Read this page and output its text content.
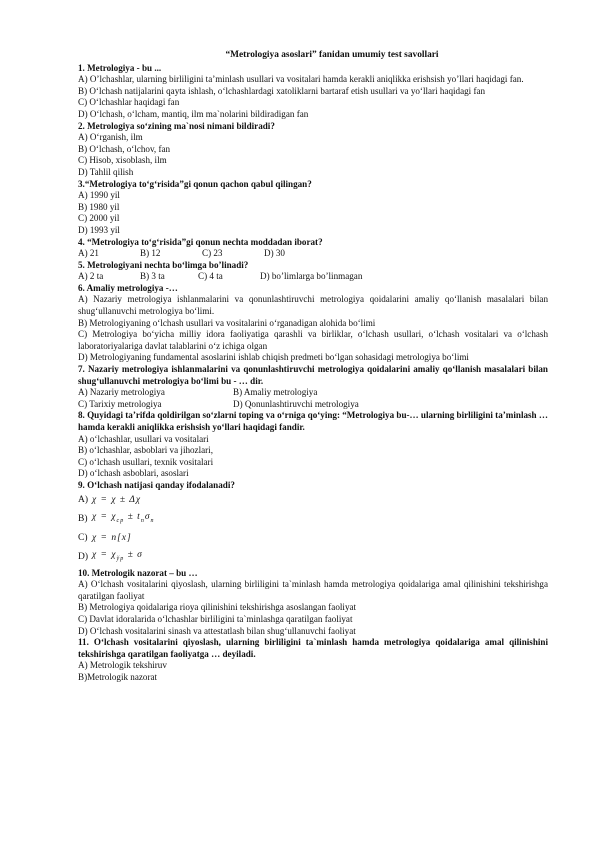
“Metrologiya asoslari” fanidan umumiy test savollari
1. Metrologiya - bu ...
A) O’lchashlar, ularning birliligini ta’minlash usullari va vositalari hamda kerakli aniqlikka erishsish yo’llari haqidagi fan.
B) O‘lchash natijalarini qayta ishlash, o‘lchashlardagi xatoliklarni bartaraf etish usullari va yo‘llari haqidagi fan
C) O‘lchashlar haqidagi fan
D) O‘lchash, o‘lcham, mantiq, ilm ma`nolarini bildiradigan fan
2. Metrologiya so‘zining ma`nosi nimani bildiradi?
A) O‘rganish, ilm
B) O‘lchash, o‘lchov, fan
C) Hisob, xisoblash, ilm
D) Tahlil qilish
3.“Metrologiya to‘g‘risida”gi qonun qachon qabul qilingan?
A) 1990 yil
B) 1980 yil
C) 2000 yil
D) 1993 yil
4. “Metrologiya to‘g‘risida”gi qonun nechta moddadan iborat?
A) 21	B) 12	C) 23	D) 30
5. Metrologiyani nechta bo‘limga bo’linadi?
A) 2 ta	B) 3 ta	C) 4 ta	D) bo’limlarga bo’linmagan
6. Amaliy metrologiya -…
A) Nazariy metrologiya ishlanmalarini va qonunlashtiruvchi metrologiya qoidalarini amaliy qo‘llanish masalalari bilan shug‘ullanuvchi metrologiya bo‘limi.
B) Metrologiyaning o‘lchash usullari va vositalarini o‘rganadigan alohida bo‘limi
C) Metrologiya bo‘yicha milliy idora faoliyatiga qarashli va birliklar, o‘lchash usullari, o‘lchash vositalari va o‘lchash laboratoriyalariga davlat talablarini o‘z ichiga olgan
D) Metrologiyaning fundamental asoslarini ishlab chiqish predmeti bo‘lgan sohasidagi metrologiya bo‘limi
7. Nazariy metrologiya ishlanmalarini va qonunlashtiruvchi metrologiya qoidalarini amaliy qo‘llanish masalalari bilan shug‘ullanuvchi metrologiya bo‘limi bu - … dir.
A) Nazariy metrologiya	B) Amaliy metrologiya
C) Tarixiy metrologiya	D) Qonunlashtiruvchi metrologiya
8. Quyidagi ta’rifda qoldirilgan so‘zlarni toping va o‘rniga qo‘ying: “Metrologiya bu-… ularning birliligini ta’minlash … hamda kerakli aniqlikka erishsish yo‘llari haqidagi fandir.
A) o‘lchashlar, usullari va vositalari
B) o‘lchashlar, asboblari va jihozlari,
C) o‘lchash usullari, texnik vositalari
D) o‘lchash asboblari, asoslari
9. O‘lchash natijasi qanday ifodalanadi?
A) χ = χ ± Δχ
B) $\chi = \chi_{ср} \pm t_n\sigma_n$
C) χ = n[x]
D) $\chi = \chi_{ўр} \pm \sigma$
10. Metrologik nazorat – bu …
A) O‘lchash vositalarini qiyoslash, ularning birliligini ta`minlash hamda metrologiya qoidalariga amal qilinishini tekshirishga qaratilgan faoliyat
B) Metrologiya qoidalariga rioya qilinishini tekshirishga asoslangan faoliyat
C) Davlat idoralarida o‘lchashlar birliligini ta`minlashga qaratilgan faoliyat
D) O‘lchash vositalarini sinash va attestatlash bilan shug‘ullanuvchi faoliyat
11. O‘lchash vositalarini qiyoslash, ularning birliligini ta`minlash hamda metrologiya qoidalariga amal qilinishini tekshirishga qaratilgan faoliyatga … deyiladi.
A) Metrologik tekshiruv
B)Metrologik nazorat
